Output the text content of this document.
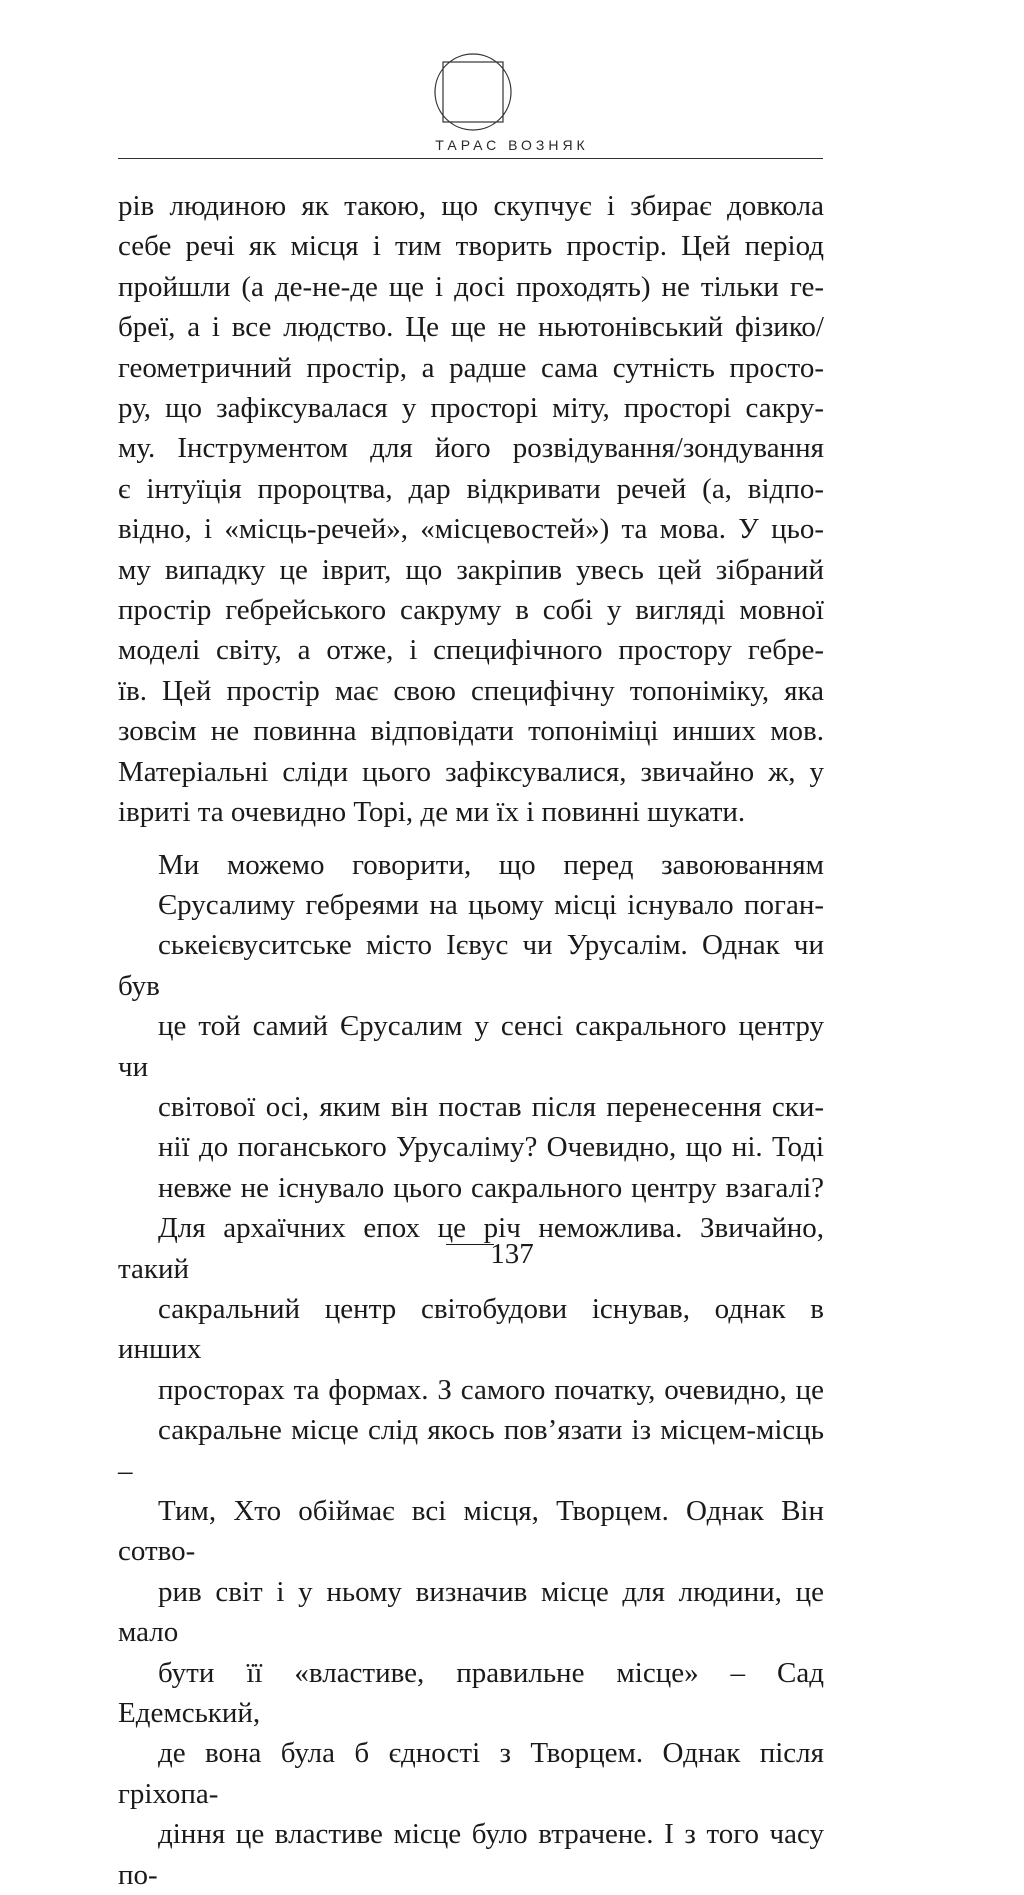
ТАРАС ВОЗНЯК

рів людиною як такою, що скупчує і збирає довкола
себе речі як місця і тим творить простір. Цей період
пройшли (а де-не-де ще і досі проходять) не тільки ге-
бреї, а і все людство. Це ще не ньютонівський фізико/
геометричний простір, а радше сама сутність просто-
ру, що зафіксувалася у просторі міту, просторі сакру-
му. Інструментом для його розвідування/зондування
є інтуїція пророцтва, дар відкривати речей (а, відпо-
відно, і «місць-речей», «місцевостей») та мова. У цьо-
му випадку це іврит, що закріпив увесь цей зібраний
простір гебрейського сакруму в собі у вигляді мовної
моделі світу, а отже, і специфічного простору гебре-
їв. Цей простір має свою специфічну топоніміку, яка
зовсім не повинна відповідати топоніміці инших мов.
Матеріальні сліди цього зафіксувалися, звичайно ж, у
івриті та очевидно Торі, де ми їх і повинні шукати.

Ми можемо говорити, що перед завоюванням
Єрусалиму гебреями на цьому місці існувало поган-
ськеієвуситське місто Ієвус чи Урусалім. Однак чи був
це той самий Єрусалим у сенсі сакрального центру чи
світової осі, яким він постав після перенесення ски-
нії до поганського Урусаліму? Очевидно, що ні. Тоді
невже не існувало цього сакрального центру взагалі?
Для архаїчних епох це річ неможлива. Звичайно, такий
сакральний центр світобудови існував, однак в инших
просторах та формах. З самого початку, очевидно, це
сакральне місце слід якось пов’язати із місцем-місць –
Тим, Хто обіймає всі місця, Творцем. Однак Він сотво-
рив світ і у ньому визначив місце для людини, це мало
бути її «властиве, правильне місце» – Сад Едемський,
де вона була б єдності з Творцем. Однак після гріхопа-
діння це властиве місце було втрачене. І з того часу по-

137
